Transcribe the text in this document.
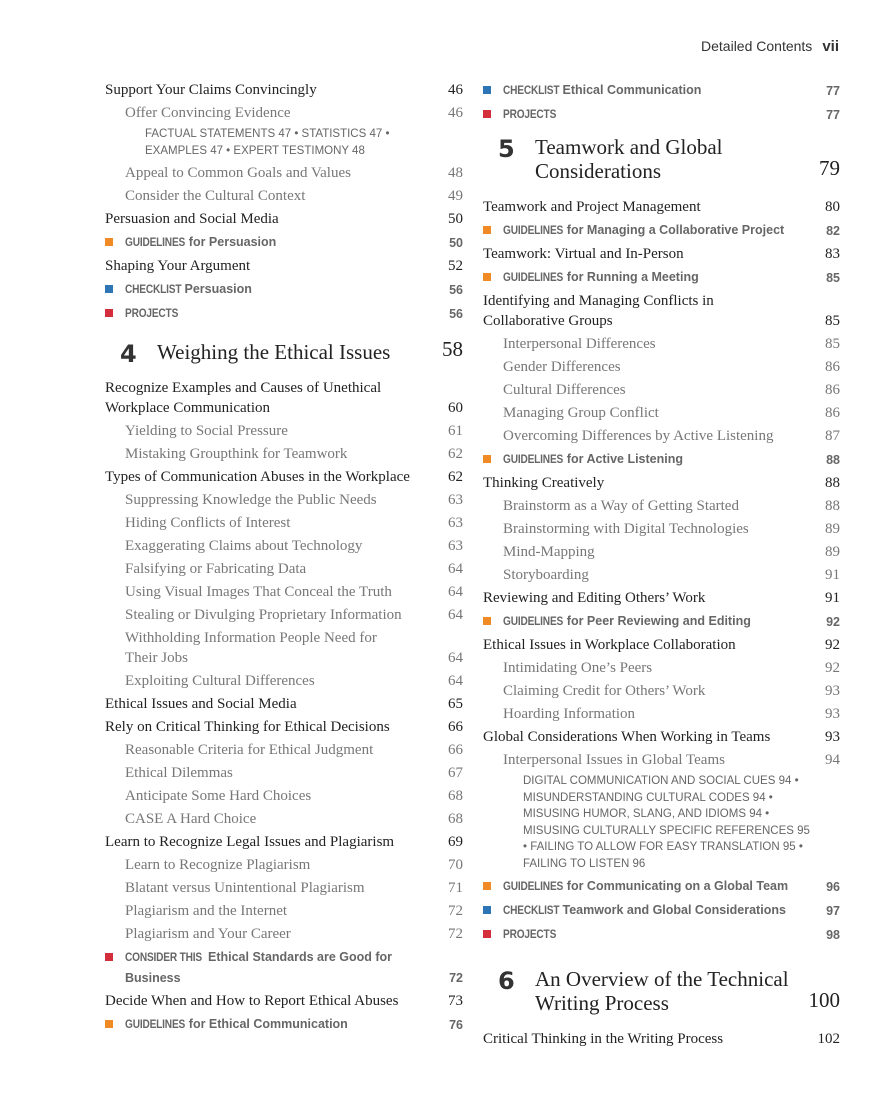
Detailed Contents vii
Support Your Claims Convincingly	46
Offer Convincing Evidence	46
FACTUAL STATEMENTS 47 • STATISTICS 47 • EXAMPLES 47 • EXPERT TESTIMONY 48
Appeal to Common Goals and Values	48
Consider the Cultural Context	49
Persuasion and Social Media	50
GUIDELINES for Persuasion	50
Shaping Your Argument	52
CHECKLIST Persuasion	56
PROJECTS	56
4 Weighing the Ethical Issues	58
Recognize Examples and Causes of Unethical Workplace Communication	60
Yielding to Social Pressure	61
Mistaking Groupthink for Teamwork	62
Types of Communication Abuses in the Workplace	62
Suppressing Knowledge the Public Needs	63
Hiding Conflicts of Interest	63
Exaggerating Claims about Technology	63
Falsifying or Fabricating Data	64
Using Visual Images That Conceal the Truth	64
Stealing or Divulging Proprietary Information	64
Withholding Information People Need for Their Jobs	64
Exploiting Cultural Differences	64
Ethical Issues and Social Media	65
Rely on Critical Thinking for Ethical Decisions	66
Reasonable Criteria for Ethical Judgment	66
Ethical Dilemmas	67
Anticipate Some Hard Choices	68
CASE A Hard Choice	68
Learn to Recognize Legal Issues and Plagiarism	69
Learn to Recognize Plagiarism	70
Blatant versus Unintentional Plagiarism	71
Plagiarism and the Internet	72
Plagiarism and Your Career	72
CONSIDER THIS Ethical Standards are Good for Business	72
Decide When and How to Report Ethical Abuses	73
GUIDELINES for Ethical Communication	76
CHECKLIST Ethical Communication	77
PROJECTS	77
5 Teamwork and Global Considerations	79
Teamwork and Project Management	80
GUIDELINES for Managing a Collaborative Project	82
Teamwork: Virtual and In-Person	83
GUIDELINES for Running a Meeting	85
Identifying and Managing Conflicts in Collaborative Groups	85
Interpersonal Differences	85
Gender Differences	86
Cultural Differences	86
Managing Group Conflict	86
Overcoming Differences by Active Listening	87
GUIDELINES for Active Listening	88
Thinking Creatively	88
Brainstorm as a Way of Getting Started	88
Brainstorming with Digital Technologies	89
Mind-Mapping	89
Storyboarding	91
Reviewing and Editing Others’ Work	91
GUIDELINES for Peer Reviewing and Editing	92
Ethical Issues in Workplace Collaboration	92
Intimidating One’s Peers	92
Claiming Credit for Others’ Work	93
Hoarding Information	93
Global Considerations When Working in Teams	93
Interpersonal Issues in Global Teams	94
DIGITAL COMMUNICATION AND SOCIAL CUES 94 • MISUNDERSTANDING CULTURAL CODES 94 • MISUSING HUMOR, SLANG, AND IDIOMS 94 • MISUSING CULTURALLY SPECIFIC REFERENCES 95 • FAILING TO ALLOW FOR EASY TRANSLATION 95 • FAILING TO LISTEN 96
GUIDELINES for Communicating on a Global Team	96
CHECKLIST Teamwork and Global Considerations	97
PROJECTS	98
6 An Overview of the Technical Writing Process	100
Critical Thinking in the Writing Process	102
